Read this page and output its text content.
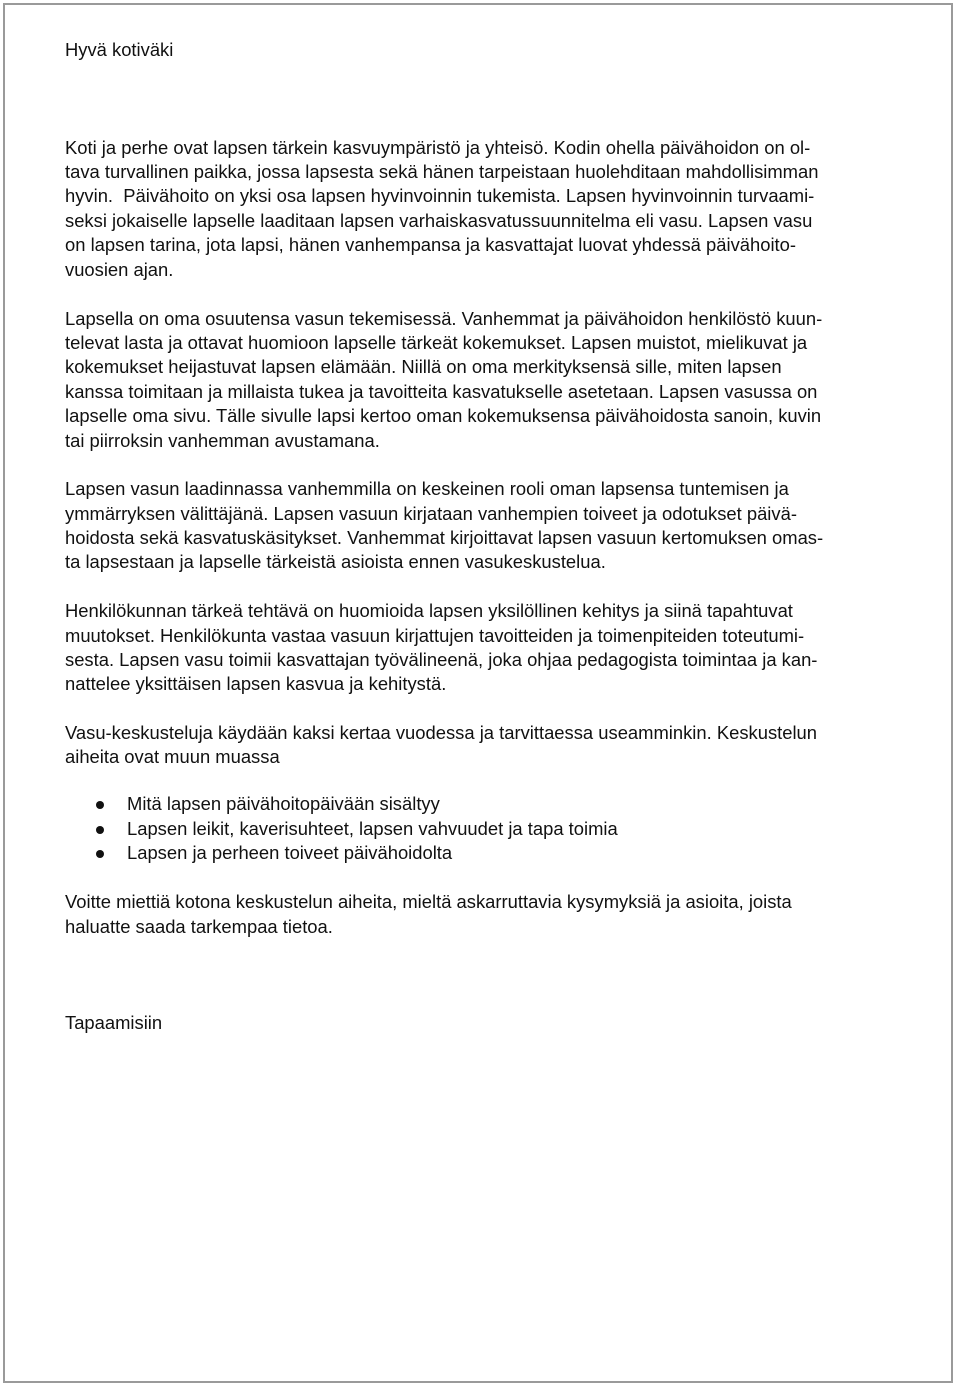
Hyvä kotiväki
Koti ja perhe ovat lapsen tärkein kasvuympäristö ja yhteisö. Kodin ohella päivähoidon on ol-
tava turvallinen paikka, jossa lapsesta sekä hänen tarpeistaan huolehditaan mahdollisimman
hyvin.  Päivähoito on yksi osa lapsen hyvinvoinnin tukemista. Lapsen hyvinvoinnin turvaami-
seksi jokaiselle lapselle laaditaan lapsen varhaiskasvatussuunnitelma eli vasu. Lapsen vasu
on lapsen tarina, jota lapsi, hänen vanhempansa ja kasvattajat luovat yhdessä päivähoito-
vuosien ajan.
Lapsella on oma osuutensa vasun tekemisessä. Vanhemmat ja päivähoidon henkilöstö kuun-
televat lasta ja ottavat huomioon lapselle tärkeät kokemukset. Lapsen muistot, mielikuvat ja
kokemukset heijastuvat lapsen elämään. Niillä on oma merkityksensä sille, miten lapsen
kanssa toimitaan ja millaista tukea ja tavoitteita kasvatukselle asetetaan. Lapsen vasussa on
lapselle oma sivu. Tälle sivulle lapsi kertoo oman kokemuksensa päivähoidosta sanoin, kuvin
tai piirroksin vanhemman avustamana.
Lapsen vasun laadinnassa vanhemmilla on keskeinen rooli oman lapsensa tuntemisen ja
ymmärryksen välittäjänä. Lapsen vasuun kirjataan vanhempien toiveet ja odotukset päivä-
hoidosta sekä kasvatuskäsitykset. Vanhemmat kirjoittavat lapsen vasuun kertomuksen omas-
ta lapsestaan ja lapselle tärkeistä asioista ennen vasukeskustelua.
Henkilökunnan tärkeä tehtävä on huomioida lapsen yksilöllinen kehitys ja siinä tapahtuvat
muutokset. Henkilökunta vastaa vasuun kirjattujen tavoitteiden ja toimenpiteiden toteutumi-
sesta. Lapsen vasu toimii kasvattajan työvälineenä, joka ohjaa pedagogista toimintaa ja kan-
nattelee yksittäisen lapsen kasvua ja kehitystä.
Vasu-keskusteluja käydään kaksi kertaa vuodessa ja tarvittaessa useamminkin. Keskustelun
aiheita ovat muun muassa
Mitä lapsen päivähoitopäivään sisältyy
Lapsen leikit, kaverisuhteet, lapsen vahvuudet ja tapa toimia
Lapsen ja perheen toiveet päivähoidolta
Voitte miettiä kotona keskustelun aiheita, mieltä askarruttavia kysymyksiä ja asioita, joista
haluatte saada tarkempaa tietoa.
Tapaamisiin
